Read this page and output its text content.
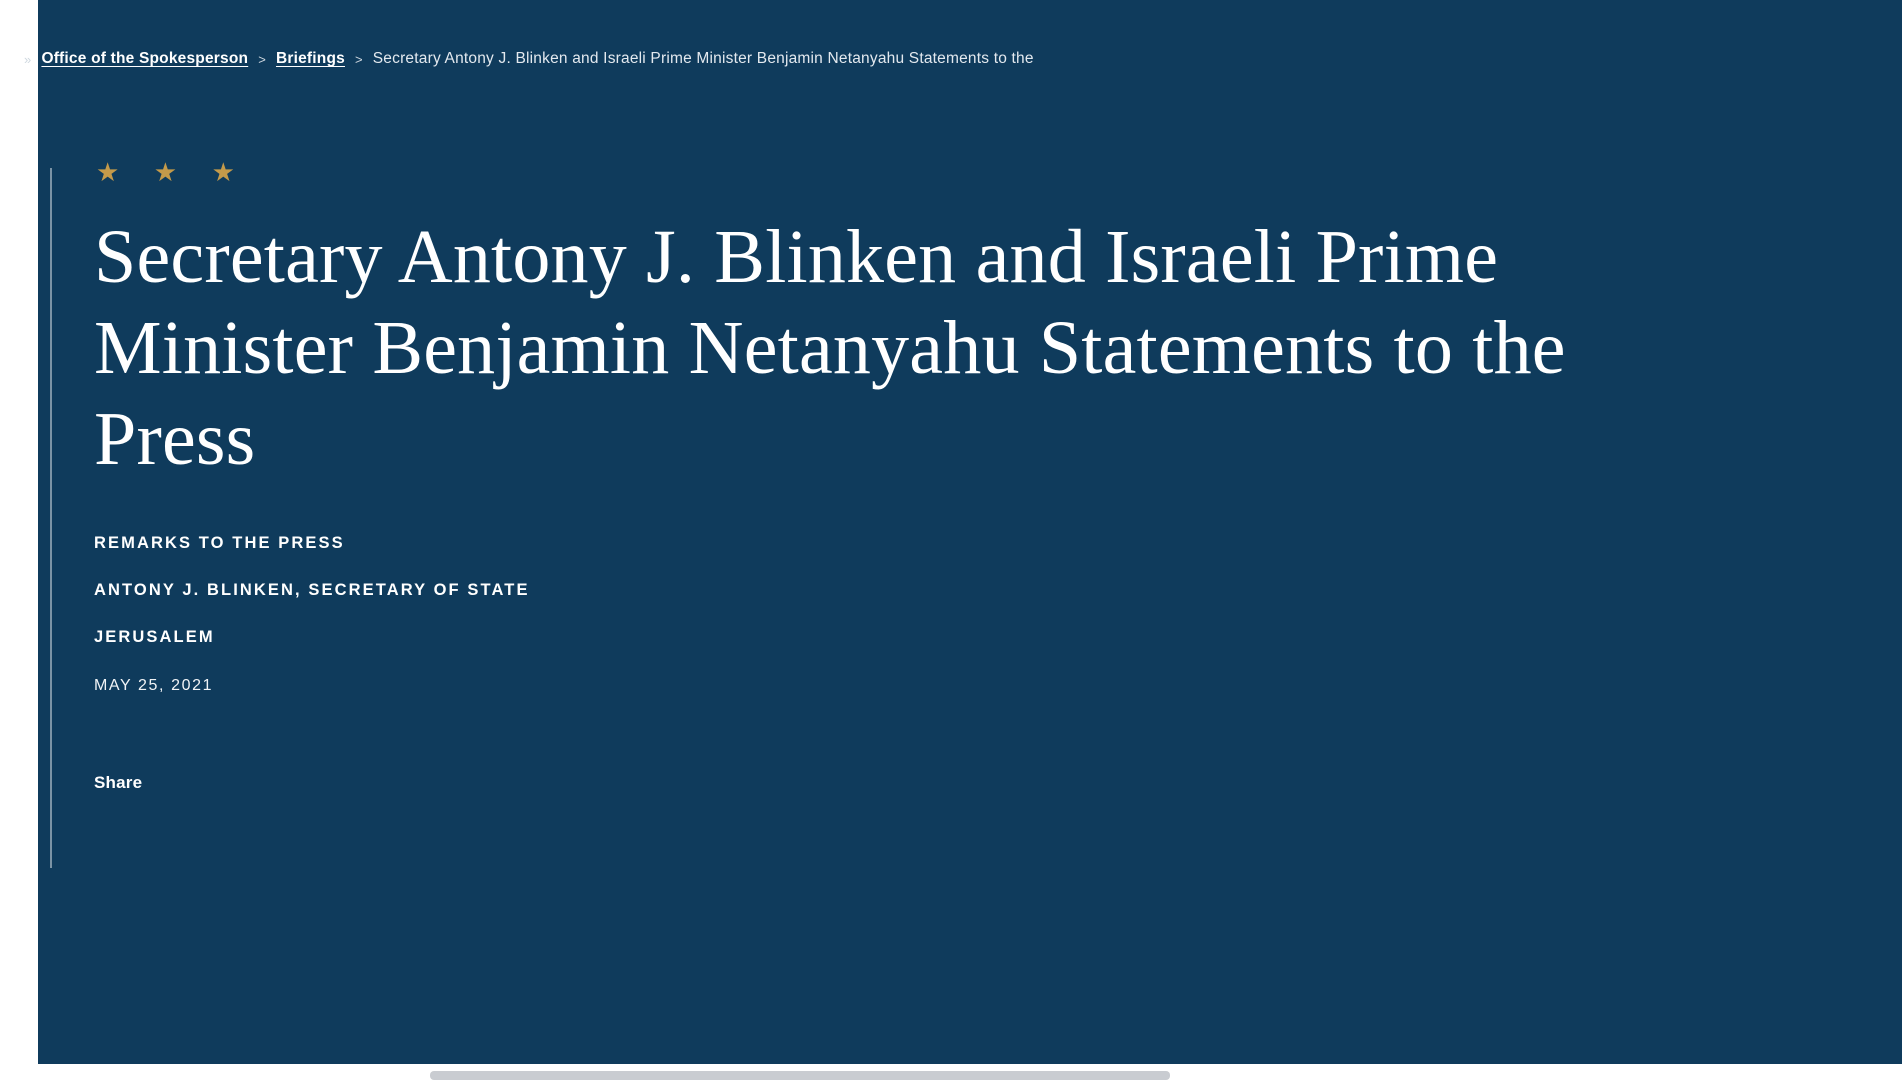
» Office of the Spokesperson > Briefings > Secretary Antony J. Blinken and Israeli Prime Minister Benjamin Netanyahu Statements to the
★ ★ ★
Secretary Antony J. Blinken and Israeli Prime Minister Benjamin Netanyahu Statements to the Press
REMARKS TO THE PRESS
ANTONY J. BLINKEN, SECRETARY OF STATE
JERUSALEM
MAY 25, 2021
Share
